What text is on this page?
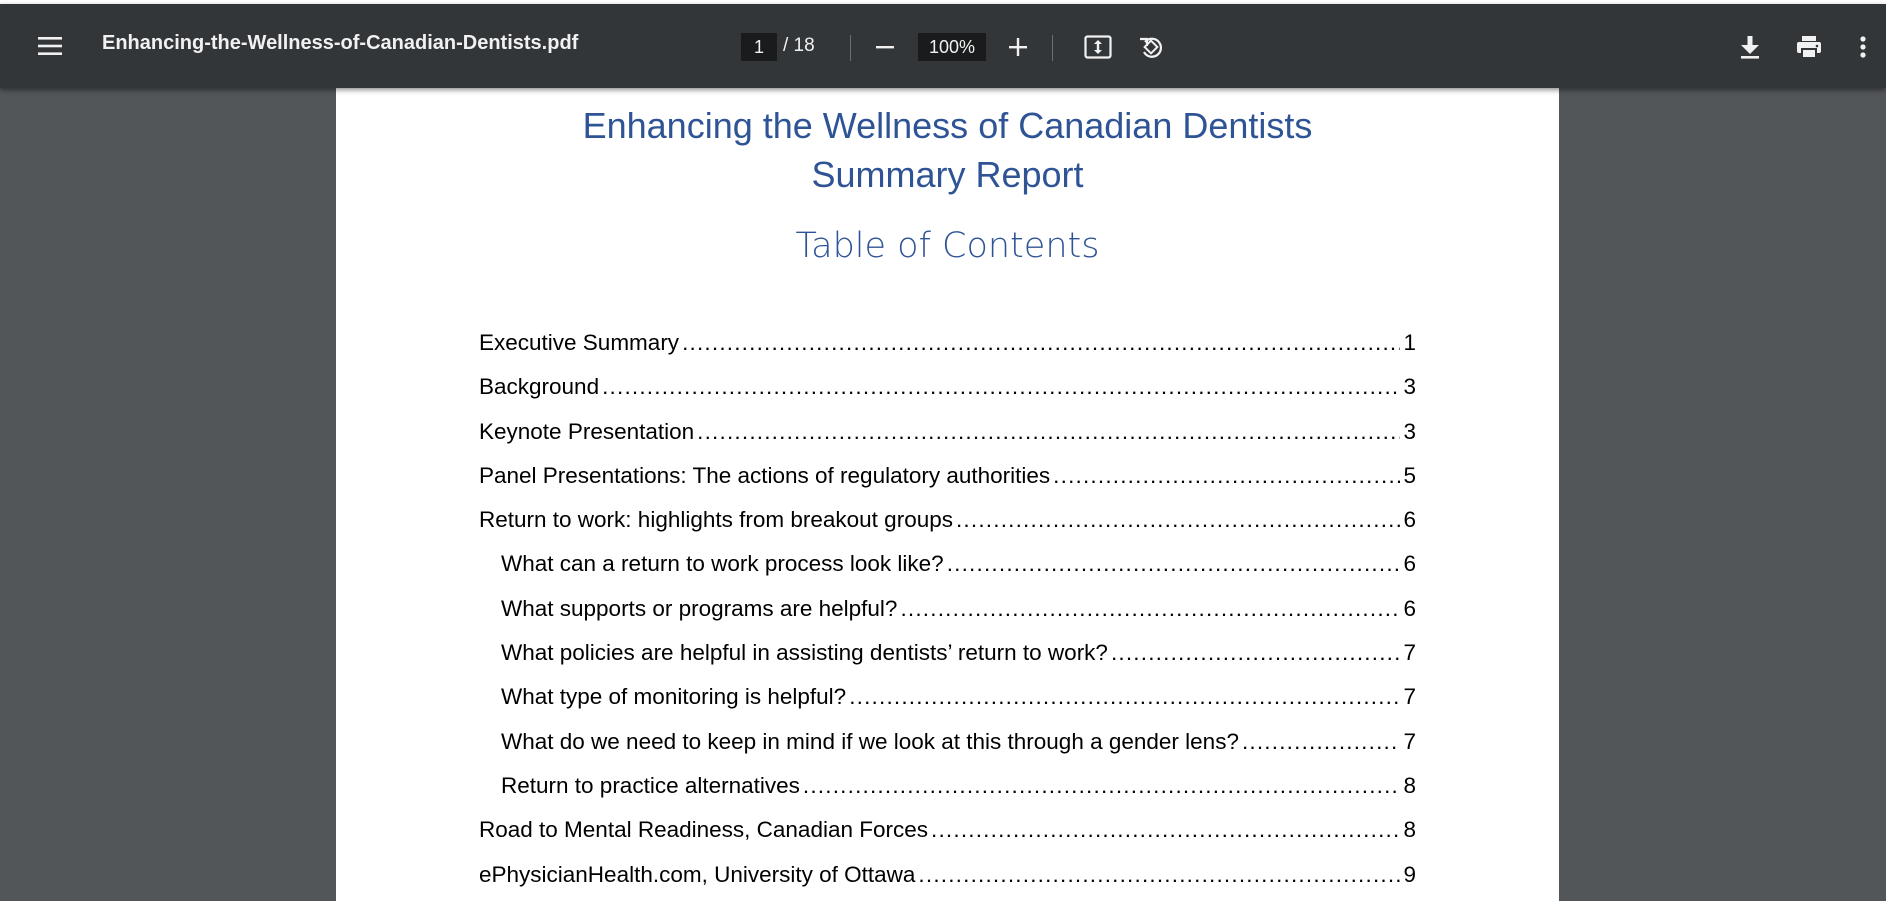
Enhancing-the-Wellness-of-Canadian-Dentists.pdf
1	/ 18
100%
Enhancing the Wellness of Canadian Dentists
Summary Report
Table of Contents
Executive Summary .....	1
Background .....	3
Keynote Presentation .....	3
Panel Presentations: The actions of regulatory authorities .....	5
Return to work: highlights from breakout groups .....	6
What can a return to work process look like? .....	6
What supports or programs are helpful? .....	6
What policies are helpful in assisting dentists’ return to work? .....	7
What type of monitoring is helpful? .....	7
What do we need to keep in mind if we look at this through a gender lens? .....	7
Return to practice alternatives .....	8
Road to Mental Readiness, Canadian Forces .....	8
ePhysicianHealth.com, University of Ottawa .....	9
